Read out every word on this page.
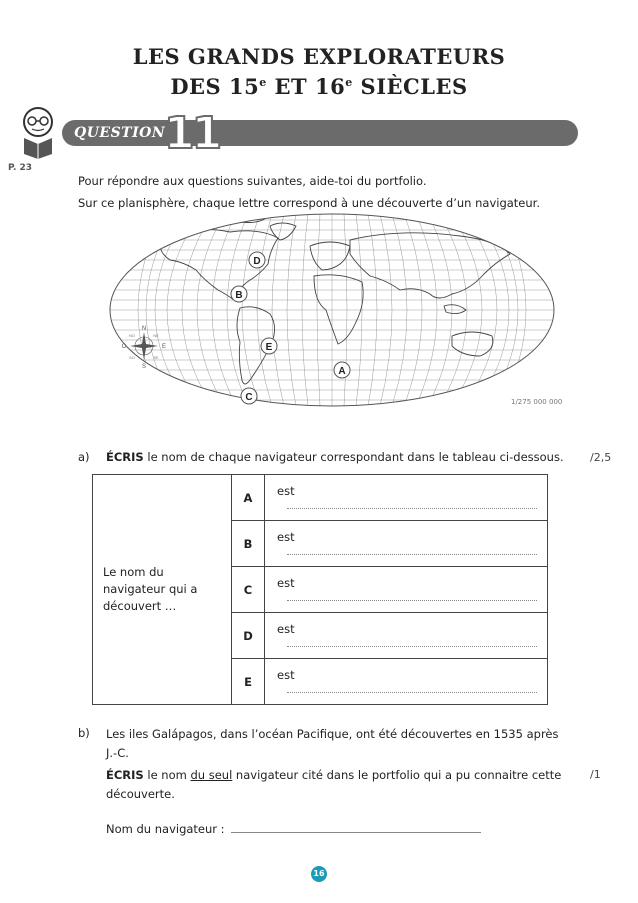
LES GRANDS EXPLORATEURS
DES 15e ET 16e SIÈCLES
P. 23
QUESTION
11
Pour répondre aux questions suivantes, aide-toi du portfolio.
Sur ce planisphère, chaque lettre correspond à une découverte d’un navigateur.
N
S
E
O
NE
NO
SE
SO
D
B
E
A
C	1/275 000 000
a) ÉCRIS le nom de chaque navigateur correspondant dans le tableau ci-dessous. /2,5
Le nom du navigateur qui a découvert …	A	est
	B	est
	C	est
	D	est
	E	est
b) Les iles Galápagos, dans l’océan Pacifique, ont été découvertes en 1535 après
J.-C.
ÉCRIS le nom du seul navigateur cité dans le portfolio qui a pu connaitre cette
découverte.
/1
Nom du navigateur :
16
